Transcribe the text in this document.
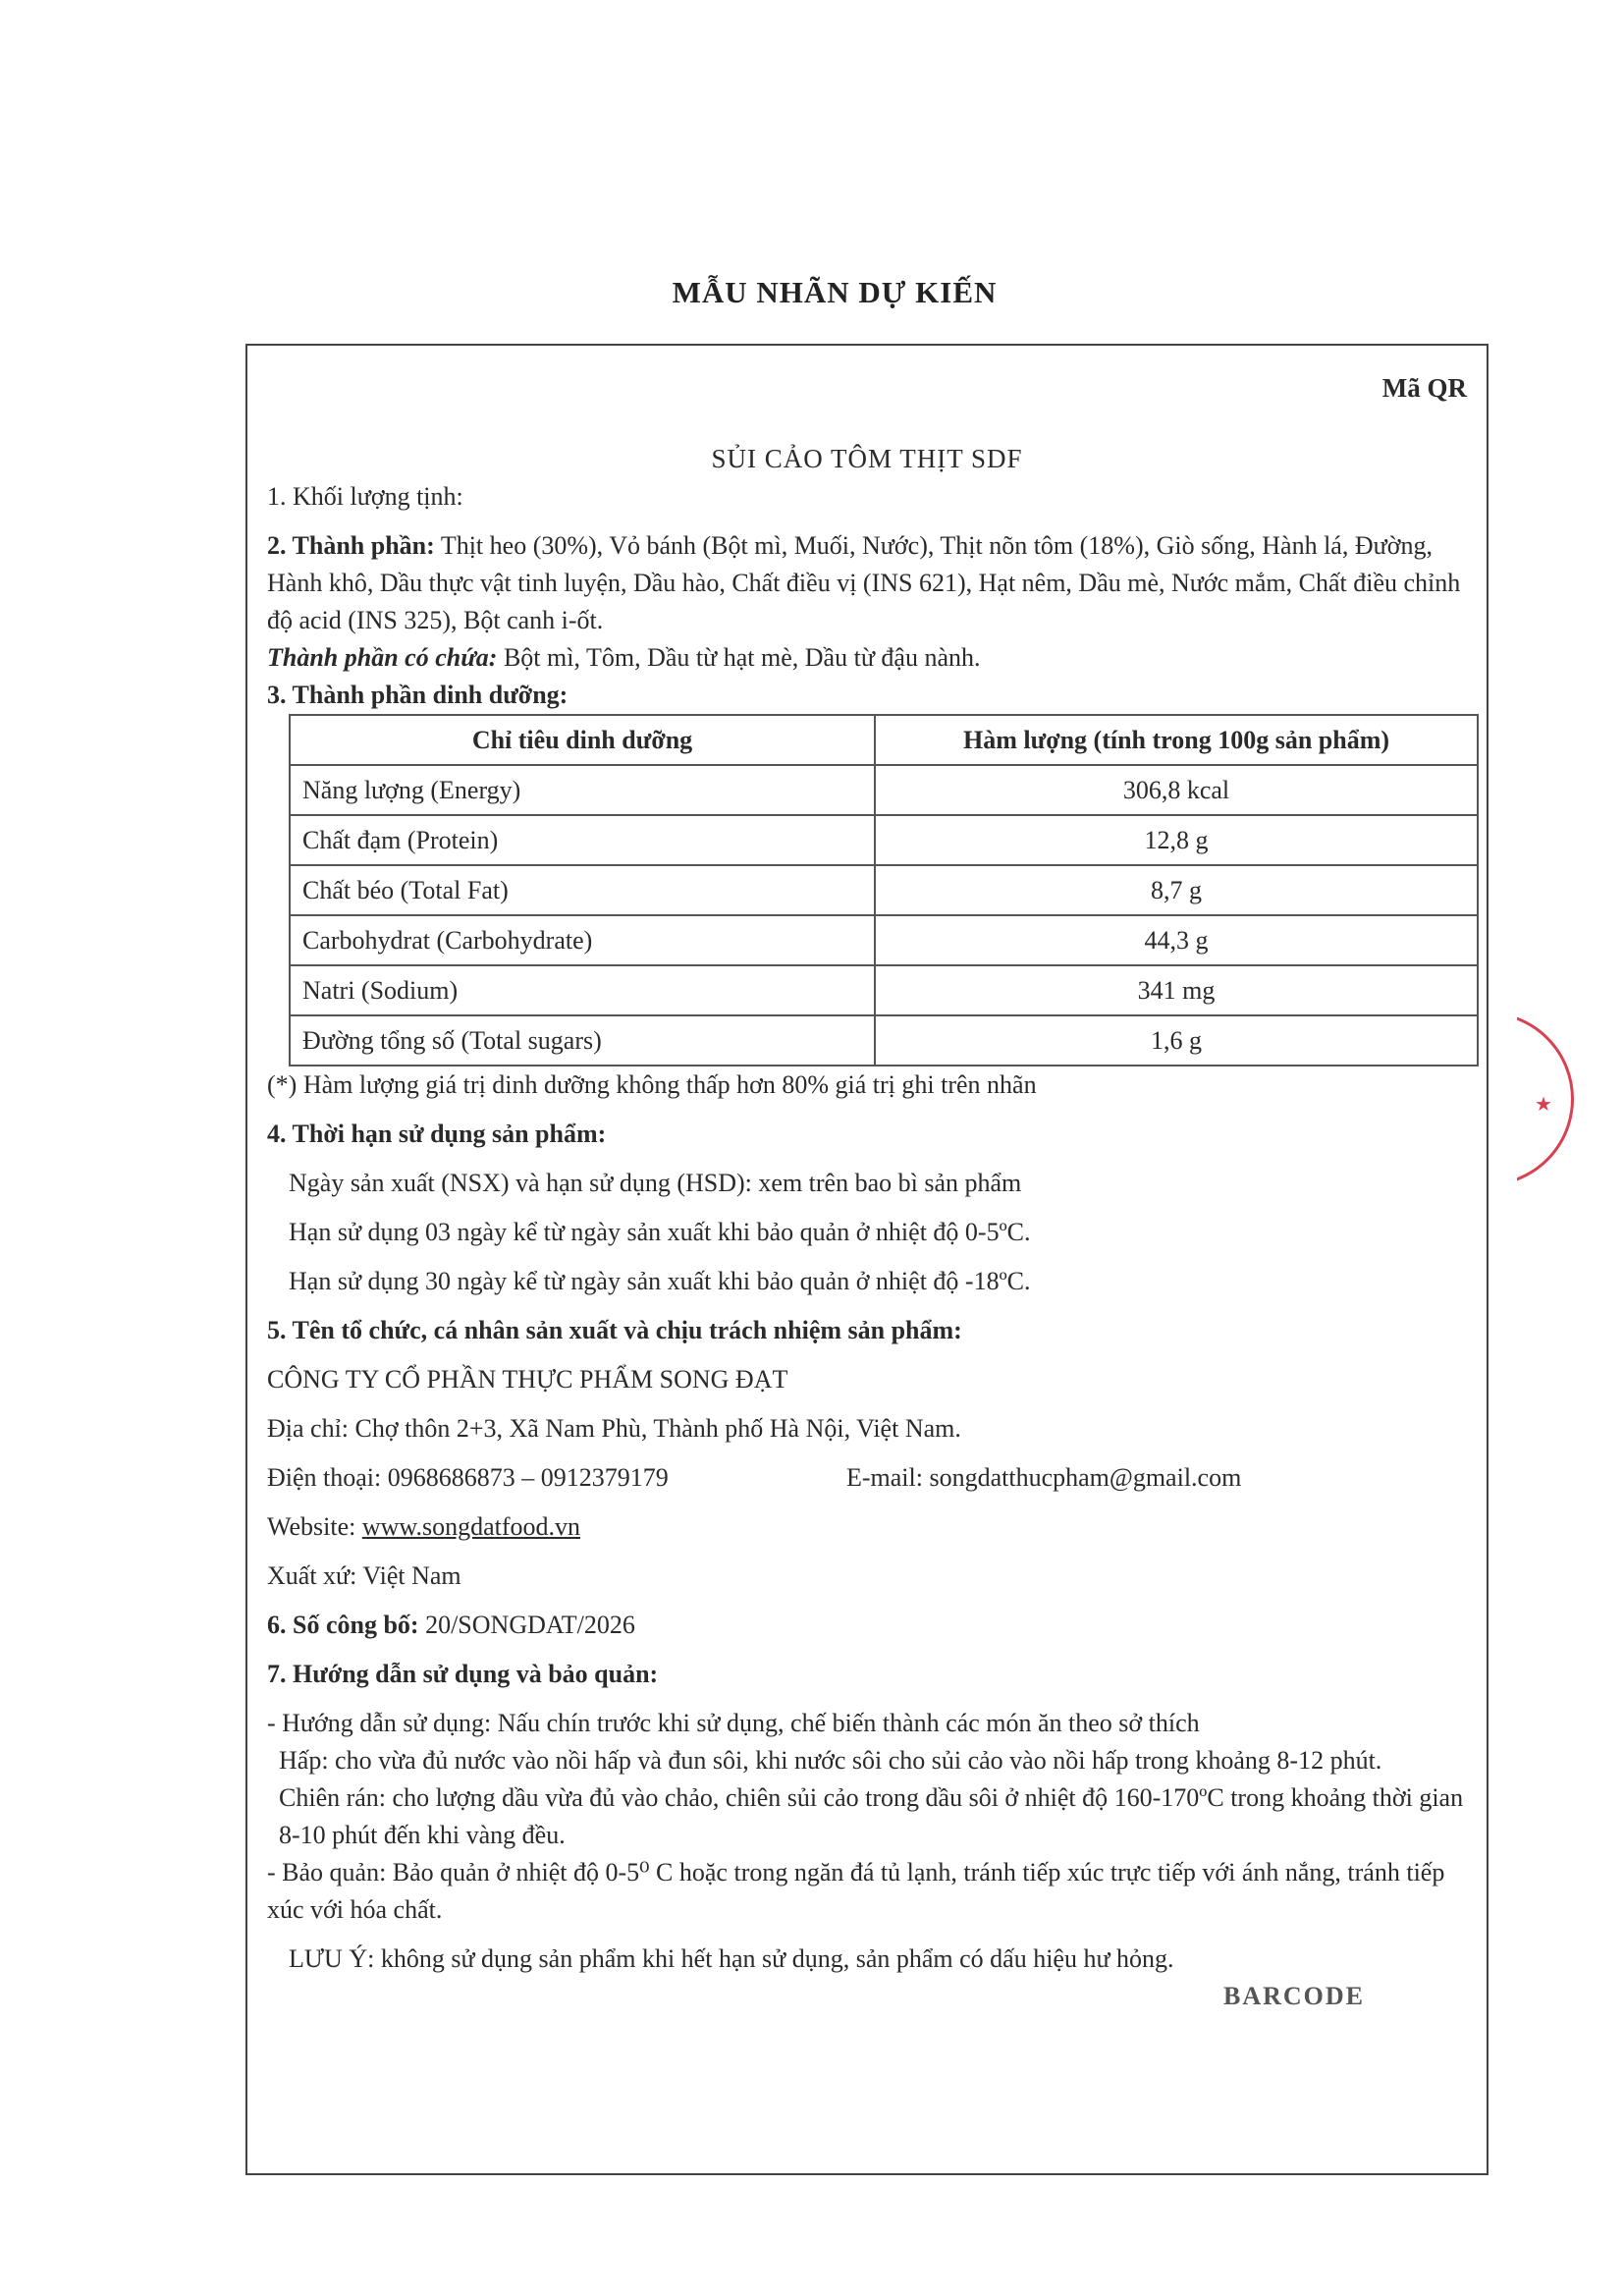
MẪU NHÃN DỰ KIẾN
Mã QR
SỦI CẢO TÔM THỊT SDF

1. Khối lượng tịnh:

2. Thành phần: Thịt heo (30%), Vỏ bánh (Bột mì, Muối, Nước), Thịt nõn tôm (18%), Giò sống, Hành lá, Đường, Hành khô, Dầu thực vật tinh luyện, Dầu hào, Chất điều vị (INS 621), Hạt nêm, Dầu mè, Nước mắm, Chất điều chỉnh độ acid (INS 325), Bột canh i-ốt.

Thành phần có chứa: Bột mì, Tôm, Dầu từ hạt mè, Dầu từ đậu nành.

3. Thành phần dinh dưỡng:

Chỉ tiêu dinh dưỡng	Hàm lượng (tính trong 100g sản phẩm)
Năng lượng (Energy)	306,8 kcal
Chất đạm (Protein)	12,8 g
Chất béo (Total Fat)	8,7 g
Carbohydrat (Carbohydrate)	44,3 g
Natri (Sodium)	341 mg
Đường tổng số (Total sugars)	1,6 g

(*) Hàm lượng giá trị dinh dưỡng không thấp hơn 80% giá trị ghi trên nhãn

4. Thời hạn sử dụng sản phẩm:

Ngày sản xuất (NSX) và hạn sử dụng (HSD): xem trên bao bì sản phẩm

Hạn sử dụng 03 ngày kể từ ngày sản xuất khi bảo quản ở nhiệt độ 0-5ºC.

Hạn sử dụng 30 ngày kể từ ngày sản xuất khi bảo quản ở nhiệt độ -18ºC.

5. Tên tổ chức, cá nhân sản xuất và chịu trách nhiệm sản phẩm:

CÔNG TY CỔ PHẦN THỰC PHẨM SONG ĐẠT

Địa chỉ: Chợ thôn 2+3, Xã Nam Phù, Thành phố Hà Nội, Việt Nam.

Điện thoại: 0968686873 – 0912379179	E-mail: songdatthucpham@gmail.com

Website: www.songdatfood.vn

Xuất xứ: Việt Nam

6. Số công bố: 20/SONGDAT/2026

7. Hướng dẫn sử dụng và bảo quản:

- Hướng dẫn sử dụng: Nấu chín trước khi sử dụng, chế biến thành các món ăn theo sở thích

Hấp: cho vừa đủ nước vào nồi hấp và đun sôi, khi nước sôi cho sủi cảo vào nồi hấp trong khoảng 8-12 phút.

Chiên rán: cho lượng dầu vừa đủ vào chảo, chiên sủi cảo trong dầu sôi ở nhiệt độ 160-170ºC trong khoảng thời gian 8-10 phút đến khi vàng đều.

- Bảo quản: Bảo quản ở nhiệt độ 0-5⁰ C hoặc trong ngăn đá tủ lạnh, tránh tiếp xúc trực tiếp với ánh nắng, tránh tiếp xúc với hóa chất.

LƯU Ý: không sử dụng sản phẩm khi hết hạn sử dụng, sản phẩm có dấu hiệu hư hỏng.

BARCODE

★
